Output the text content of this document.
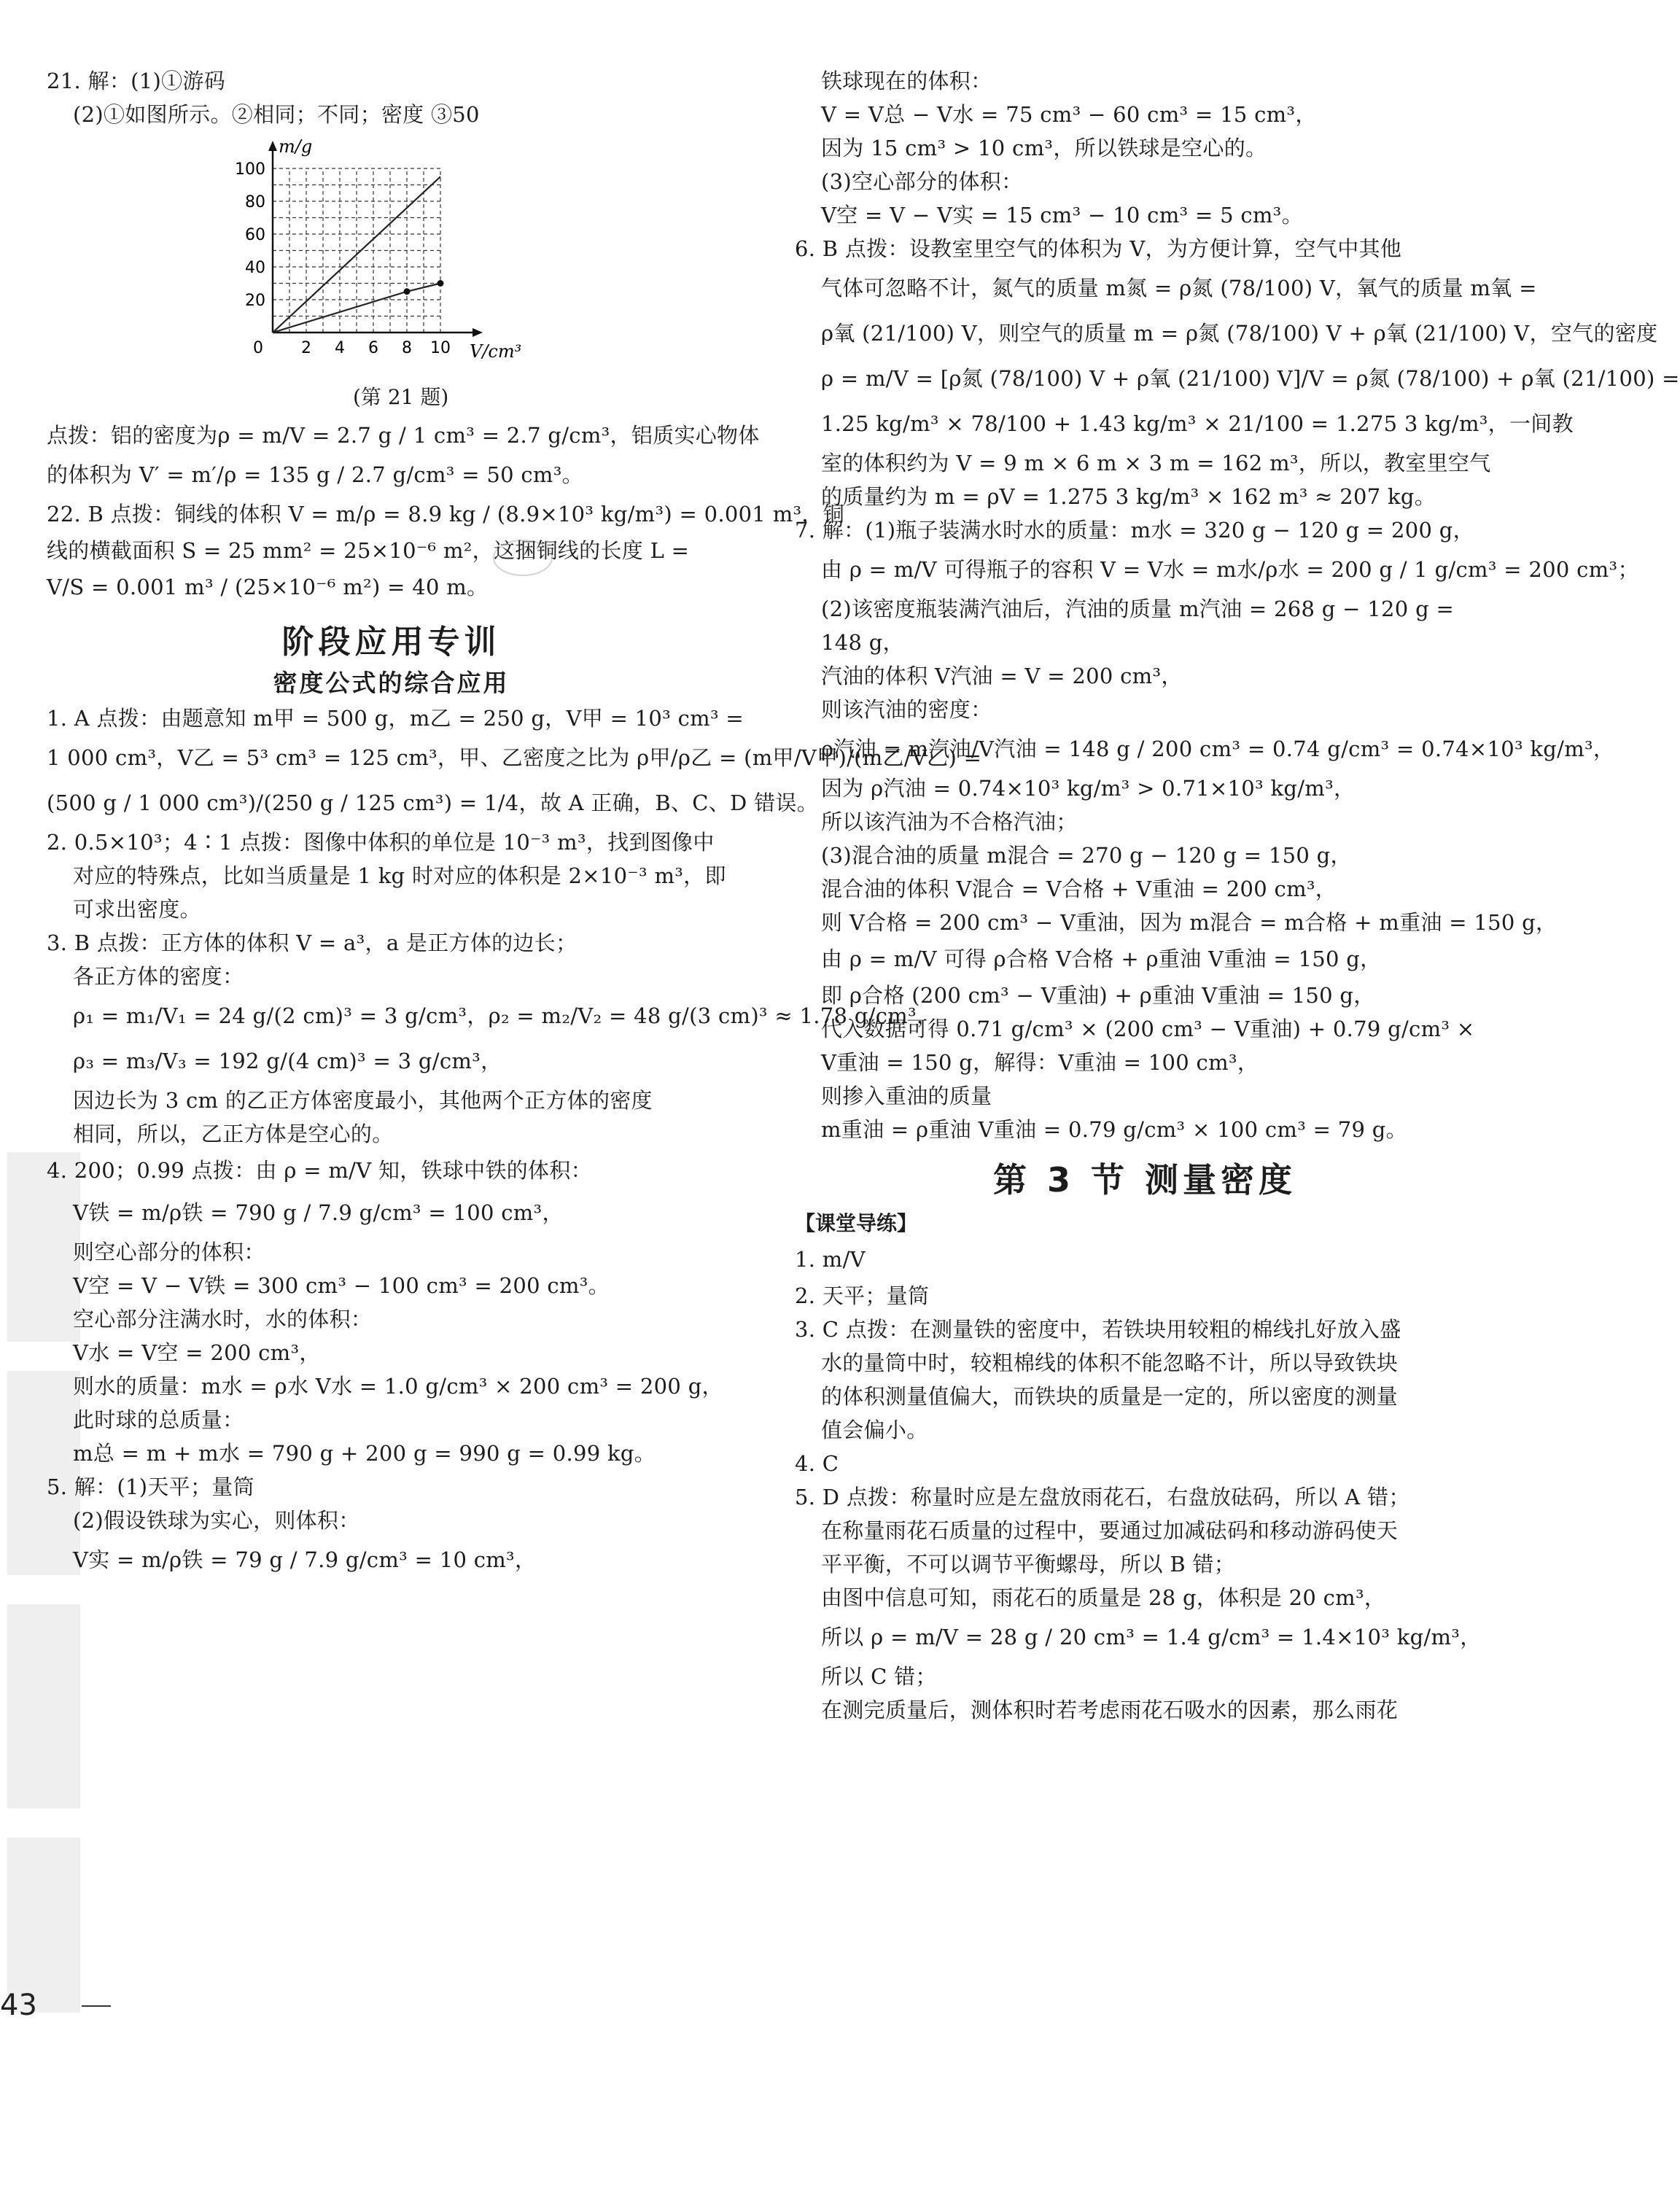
21. 解：(1)①游码
(2)①如图所示。②相同；不同；密度 ③50
0 2 4 6 8 10
20
40
60
80
100
m/g
V/cm³
(第 21 题)
点拨：铝的密度为ρ = m/V = 2.7 g / 1 cm³ = 2.7 g/cm³，铝质实心物体
的体积为 V′ = m′/ρ = 135 g / 2.7 g/cm³ = 50 cm³。
22. B 点拨：铜线的体积 V = m/ρ = 8.9 kg / (8.9×10³ kg/m³) = 0.001 m³，铜
线的横截面积 S = 25 mm² = 25×10⁻⁶ m²，这捆铜线的长度 L =
V/S = 0.001 m³ / (25×10⁻⁶ m²) = 40 m。
阶段应用专训
密度公式的综合应用
1. A 点拨：由题意知 m甲 = 500 g，m乙 = 250 g，V甲 = 10³ cm³ =
1 000 cm³，V乙 = 5³ cm³ = 125 cm³，甲、乙密度之比为 ρ甲/ρ乙 = (m甲/V甲)/(m乙/V乙) =
(500 g / 1 000 cm³)/(250 g / 125 cm³) = 1/4，故 A 正确，B、C、D 错误。
2. 0.5×10³；4∶1 点拨：图像中体积的单位是 10⁻³ m³，找到图像中
对应的特殊点，比如当质量是 1 kg 时对应的体积是 2×10⁻³ m³，即
可求出密度。
3. B 点拨：正方体的体积 V = a³，a 是正方体的边长；
各正方体的密度：
ρ₁ = m₁/V₁ = 24 g/(2 cm)³ = 3 g/cm³，ρ₂ = m₂/V₂ = 48 g/(3 cm)³ ≈ 1.78 g/cm³，
ρ₃ = m₃/V₃ = 192 g/(4 cm)³ = 3 g/cm³，
因边长为 3 cm 的乙正方体密度最小，其他两个正方体的密度
相同，所以，乙正方体是空心的。
4. 200；0.99 点拨：由 ρ = m/V 知，铁球中铁的体积：
V铁 = m/ρ铁 = 790 g / 7.9 g/cm³ = 100 cm³，
则空心部分的体积：
V空 = V − V铁 = 300 cm³ − 100 cm³ = 200 cm³。
空心部分注满水时，水的体积：
V水 = V空 = 200 cm³，
则水的质量：m水 = ρ水 V水 = 1.0 g/cm³ × 200 cm³ = 200 g，
此时球的总质量：
m总 = m + m水 = 790 g + 200 g = 990 g = 0.99 kg。
5. 解：(1)天平；量筒
(2)假设铁球为实心，则体积：
V实 = m/ρ铁 = 79 g / 7.9 g/cm³ = 10 cm³，
铁球现在的体积：
V = V总 − V水 = 75 cm³ − 60 cm³ = 15 cm³，
因为 15 cm³ > 10 cm³，所以铁球是空心的。
(3)空心部分的体积：
V空 = V − V实 = 15 cm³ − 10 cm³ = 5 cm³。
6. B 点拨：设教室里空气的体积为 V，为方便计算，空气中其他
气体可忽略不计，氮气的质量 m氮 = ρ氮 (78/100) V，氧气的质量 m氧 =
ρ氧 (21/100) V，则空气的质量 m = ρ氮 (78/100) V + ρ氧 (21/100) V，空气的密度
ρ = m/V = [ρ氮 (78/100) V + ρ氧 (21/100) V]/V = ρ氮 (78/100) + ρ氧 (21/100) =
1.25 kg/m³ × 78/100 + 1.43 kg/m³ × 21/100 = 1.275 3 kg/m³，一间教
室的体积约为 V = 9 m × 6 m × 3 m = 162 m³，所以，教室里空气
的质量约为 m = ρV = 1.275 3 kg/m³ × 162 m³ ≈ 207 kg。
7. 解：(1)瓶子装满水时水的质量：m水 = 320 g − 120 g = 200 g，
由 ρ = m/V 可得瓶子的容积 V = V水 = m水/ρ水 = 200 g / 1 g/cm³ = 200 cm³；
(2)该密度瓶装满汽油后，汽油的质量 m汽油 = 268 g − 120 g =
148 g，
汽油的体积 V汽油 = V = 200 cm³，
则该汽油的密度：
ρ汽油 = m汽油/V汽油 = 148 g / 200 cm³ = 0.74 g/cm³ = 0.74×10³ kg/m³，
因为 ρ汽油 = 0.74×10³ kg/m³ > 0.71×10³ kg/m³，
所以该汽油为不合格汽油；
(3)混合油的质量 m混合 = 270 g − 120 g = 150 g，
混合油的体积 V混合 = V合格 + V重油 = 200 cm³，
则 V合格 = 200 cm³ − V重油，因为 m混合 = m合格 + m重油 = 150 g，
由 ρ = m/V 可得 ρ合格 V合格 + ρ重油 V重油 = 150 g，
即 ρ合格 (200 cm³ − V重油) + ρ重油 V重油 = 150 g，
代入数据可得 0.71 g/cm³ × (200 cm³ − V重油) + 0.79 g/cm³ ×
V重油 = 150 g，解得：V重油 = 100 cm³，
则掺入重油的质量
m重油 = ρ重油 V重油 = 0.79 g/cm³ × 100 cm³ = 79 g。
第 3 节 测量密度
【课堂导练】
1. m/V
2. 天平；量筒
3. C 点拨：在测量铁的密度中，若铁块用较粗的棉线扎好放入盛
水的量筒中时，较粗棉线的体积不能忽略不计，所以导致铁块
的体积测量值偏大，而铁块的质量是一定的，所以密度的测量
值会偏小。
4. C
5. D 点拨：称量时应是左盘放雨花石，右盘放砝码，所以 A 错；
在称量雨花石质量的过程中，要通过加减砝码和移动游码使天
平平衡，不可以调节平衡螺母，所以 B 错；
由图中信息可知，雨花石的质量是 28 g，体积是 20 cm³，
所以 ρ = m/V = 28 g / 20 cm³ = 1.4 g/cm³ = 1.4×10³ kg/m³，
所以 C 错；
在测完质量后，测体积时若考虑雨花石吸水的因素，那么雨花
43
